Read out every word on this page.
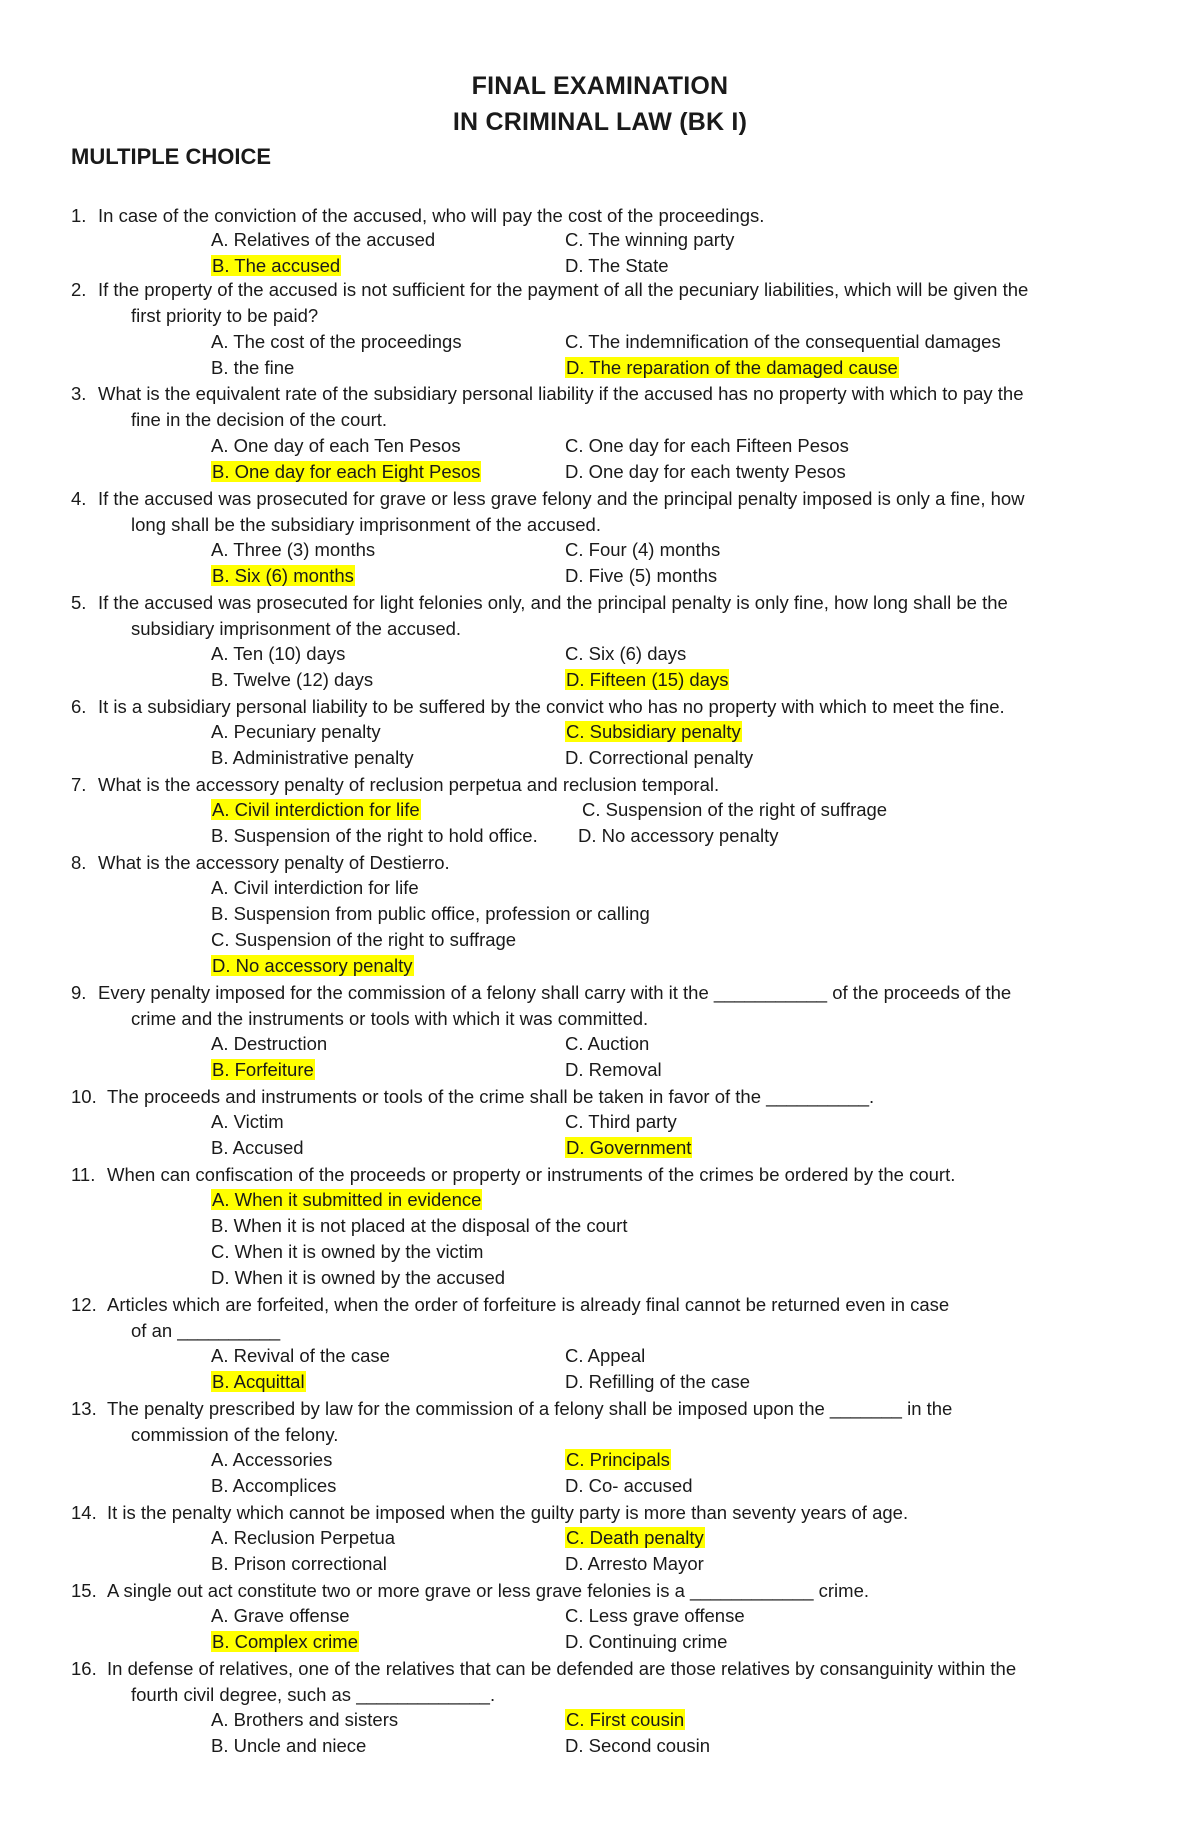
FINAL EXAMINATION
IN CRIMINAL LAW (BK I)
MULTIPLE CHOICE
1. In case of the conviction of the accused, who will pay the cost of the proceedings.
A. Relatives of the accused
B. The accused
C. The winning party
D. The State
2. If the property of the accused is not sufficient for the payment of all the pecuniary liabilities, which will be given the
first priority to be paid?
A. The cost of the proceedings
B. the fine
C. The indemnification of the consequential damages
D. The reparation of the damaged cause
3. What is the equivalent rate of the subsidiary personal liability if the accused has no property with which to pay the
fine in the decision of the court.
A. One day of each Ten Pesos
B. One day for each Eight Pesos
C. One day for each Fifteen Pesos
D. One day for each twenty Pesos
4. If the accused was prosecuted for grave or less grave felony and the principal penalty imposed is only a fine, how
long shall be the subsidiary imprisonment of the accused.
A. Three (3) months
B. Six (6) months
C. Four (4) months
D. Five (5) months
5. If the accused was prosecuted for light felonies only, and the principal penalty is only fine, how long shall be the
subsidiary imprisonment of the accused.
A. Ten (10) days
B. Twelve (12) days
C. Six (6) days
D. Fifteen (15) days
6. It is a subsidiary personal liability to be suffered by the convict who has no property with which to meet the fine.
A. Pecuniary penalty
B. Administrative penalty
C. Subsidiary penalty
D. Correctional penalty
7. What is the accessory penalty of reclusion perpetua and reclusion temporal.
A. Civil interdiction for life
B. Suspension of the right to hold office.
C. Suspension of the right of suffrage
D. No accessory penalty
8. What is the accessory penalty of Destierro.
A. Civil interdiction for life
B. Suspension from public office, profession or calling
C. Suspension of the right to suffrage
D. No accessory penalty
9. Every penalty imposed for the commission of a felony shall carry with it the ___________ of the proceeds of the
crime and the instruments or tools with which it was committed.
A. Destruction
B. Forfeiture
C. Auction
D. Removal
10. The proceeds and instruments or tools of the crime shall be taken in favor of the __________.
A. Victim
B. Accused
C. Third party
D. Government
11. When can confiscation of the proceeds or property or instruments of the crimes be ordered by the court.
A. When it submitted in evidence
B. When it is not placed at the disposal of the court
C. When it is owned by the victim
D. When it is owned by the accused
12. Articles which are forfeited, when the order of forfeiture is already final cannot be returned even in case
of an __________
A. Revival of the case
B. Acquittal
C. Appeal
D. Refilling of the case
13. The penalty prescribed by law for the commission of a felony shall be imposed upon the _______ in the
commission of the felony.
A. Accessories
B. Accomplices
C. Principals
D. Co- accused
14. It is the penalty which cannot be imposed when the guilty party is more than seventy years of age.
A. Reclusion Perpetua
B. Prison correctional
C. Death penalty
D. Arresto Mayor
15. A single out act constitute two or more grave or less grave felonies is a ____________ crime.
A. Grave offense
B. Complex crime
C. Less grave offense
D. Continuing crime
16. In defense of relatives, one of the relatives that can be defended are those relatives by consanguinity within the
fourth civil degree, such as _____________.
A. Brothers and sisters
B. Uncle and niece
C. First cousin
D. Second cousin
